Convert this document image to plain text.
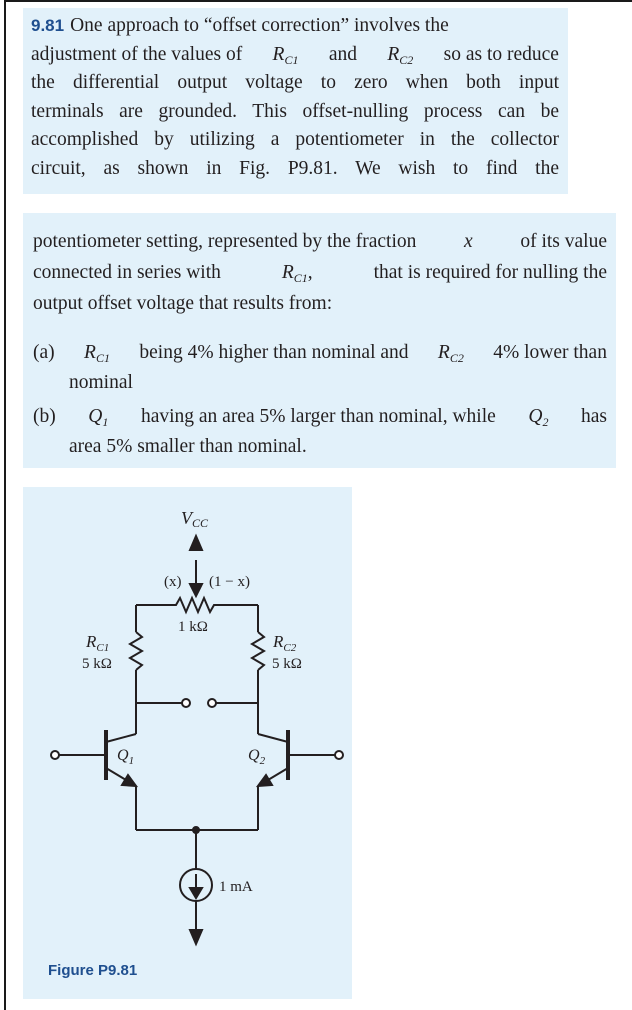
9.81 One approach to “offset correction” involves the
adjustment of the values of $R_{C1}$ and $R_{C2}$ so as to reduce
the differential output voltage to zero when both input
terminals are grounded. This offset-nulling process can be
accomplished by utilizing a potentiometer in the collector
circuit, as shown in Fig. P9.81. We wish to find the
potentiometer setting, represented by the fraction x of its value
connected in series with	$R_{C1}$,	that is required for nulling the
output offset voltage that results from:
(a) $R_{C1}$ being 4% higher than nominal and $R_{C2}$ 4% lower than
nominal
(b) $Q_1$ having an area 5% larger than nominal, while $Q_2$ has
area 5% smaller than nominal.
VCC
(x) (1 − x)
1 kΩ
$R_{C1}$
5 kΩ
$R_{C2}$
5 kΩ
$Q_1$	$Q_2$
1 mA
Figure P9.81
